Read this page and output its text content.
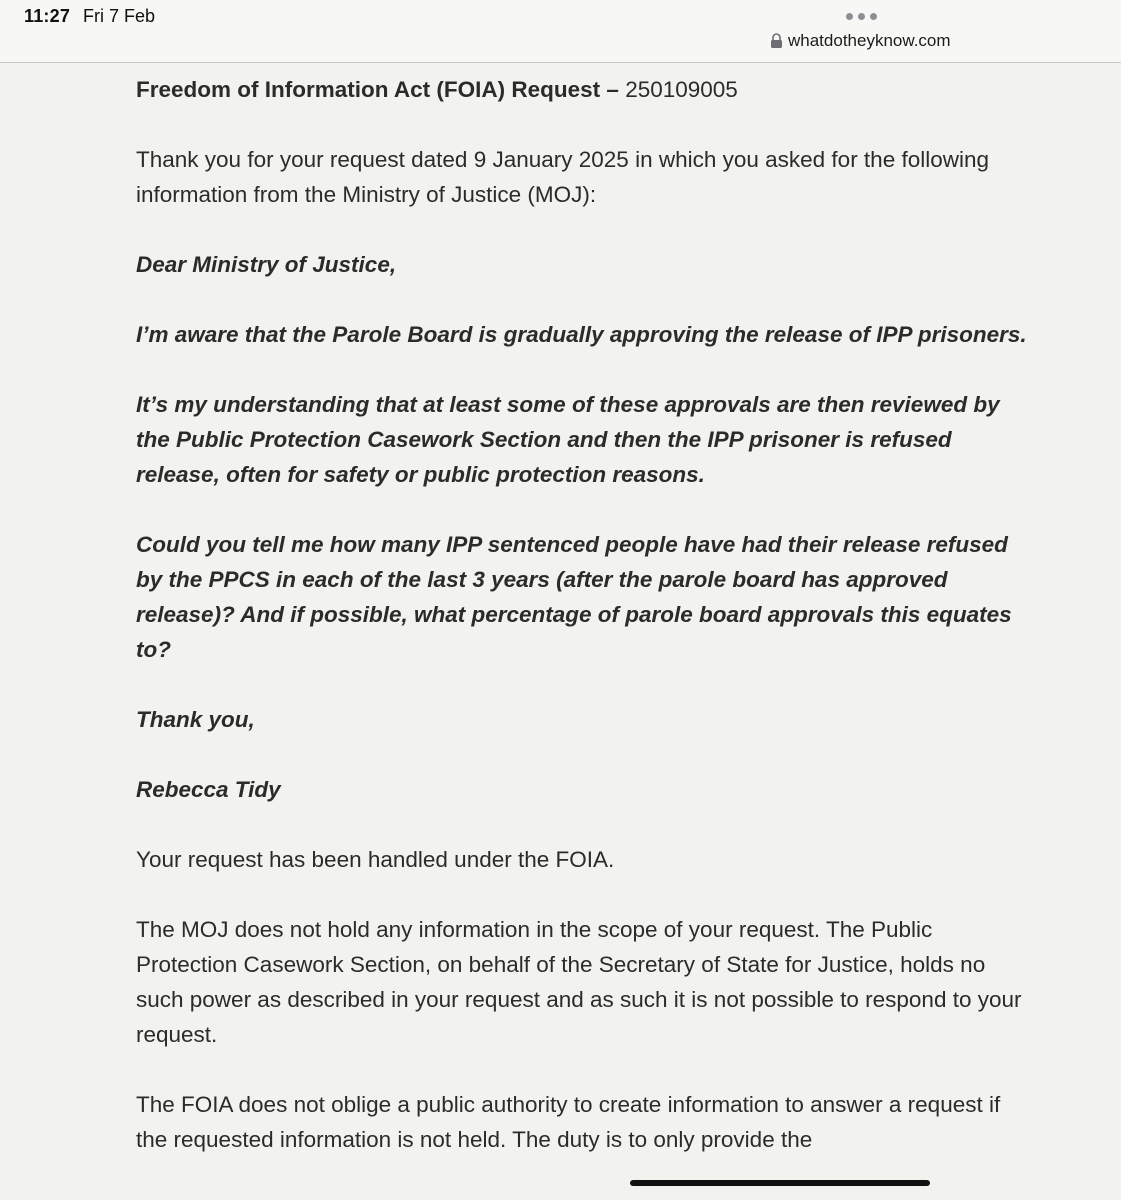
11:27 Fri 7 Feb
whatdotheyknow.com

Freedom of Information Act (FOIA) Request – 250109005

Thank you for your request dated 9 January 2025 in which you asked for the following information from the Ministry of Justice (MOJ):

Dear Ministry of Justice,

I’m aware that the Parole Board is gradually approving the release of IPP prisoners.

It’s my understanding that at least some of these approvals are then reviewed by the Public Protection Casework Section and then the IPP prisoner is refused release, often for safety or public protection reasons.

Could you tell me how many IPP sentenced people have had their release refused by the PPCS in each of the last 3 years (after the parole board has approved release)? And if possible, what percentage of parole board approvals this equates to?

Thank you,

Rebecca Tidy

Your request has been handled under the FOIA.

The MOJ does not hold any information in the scope of your request. The Public Protection Casework Section, on behalf of the Secretary of State for Justice, holds no such power as described in your request and as such it is not possible to respond to your request.

The FOIA does not oblige a public authority to create information to answer a request if the requested information is not held. The duty is to only provide the
